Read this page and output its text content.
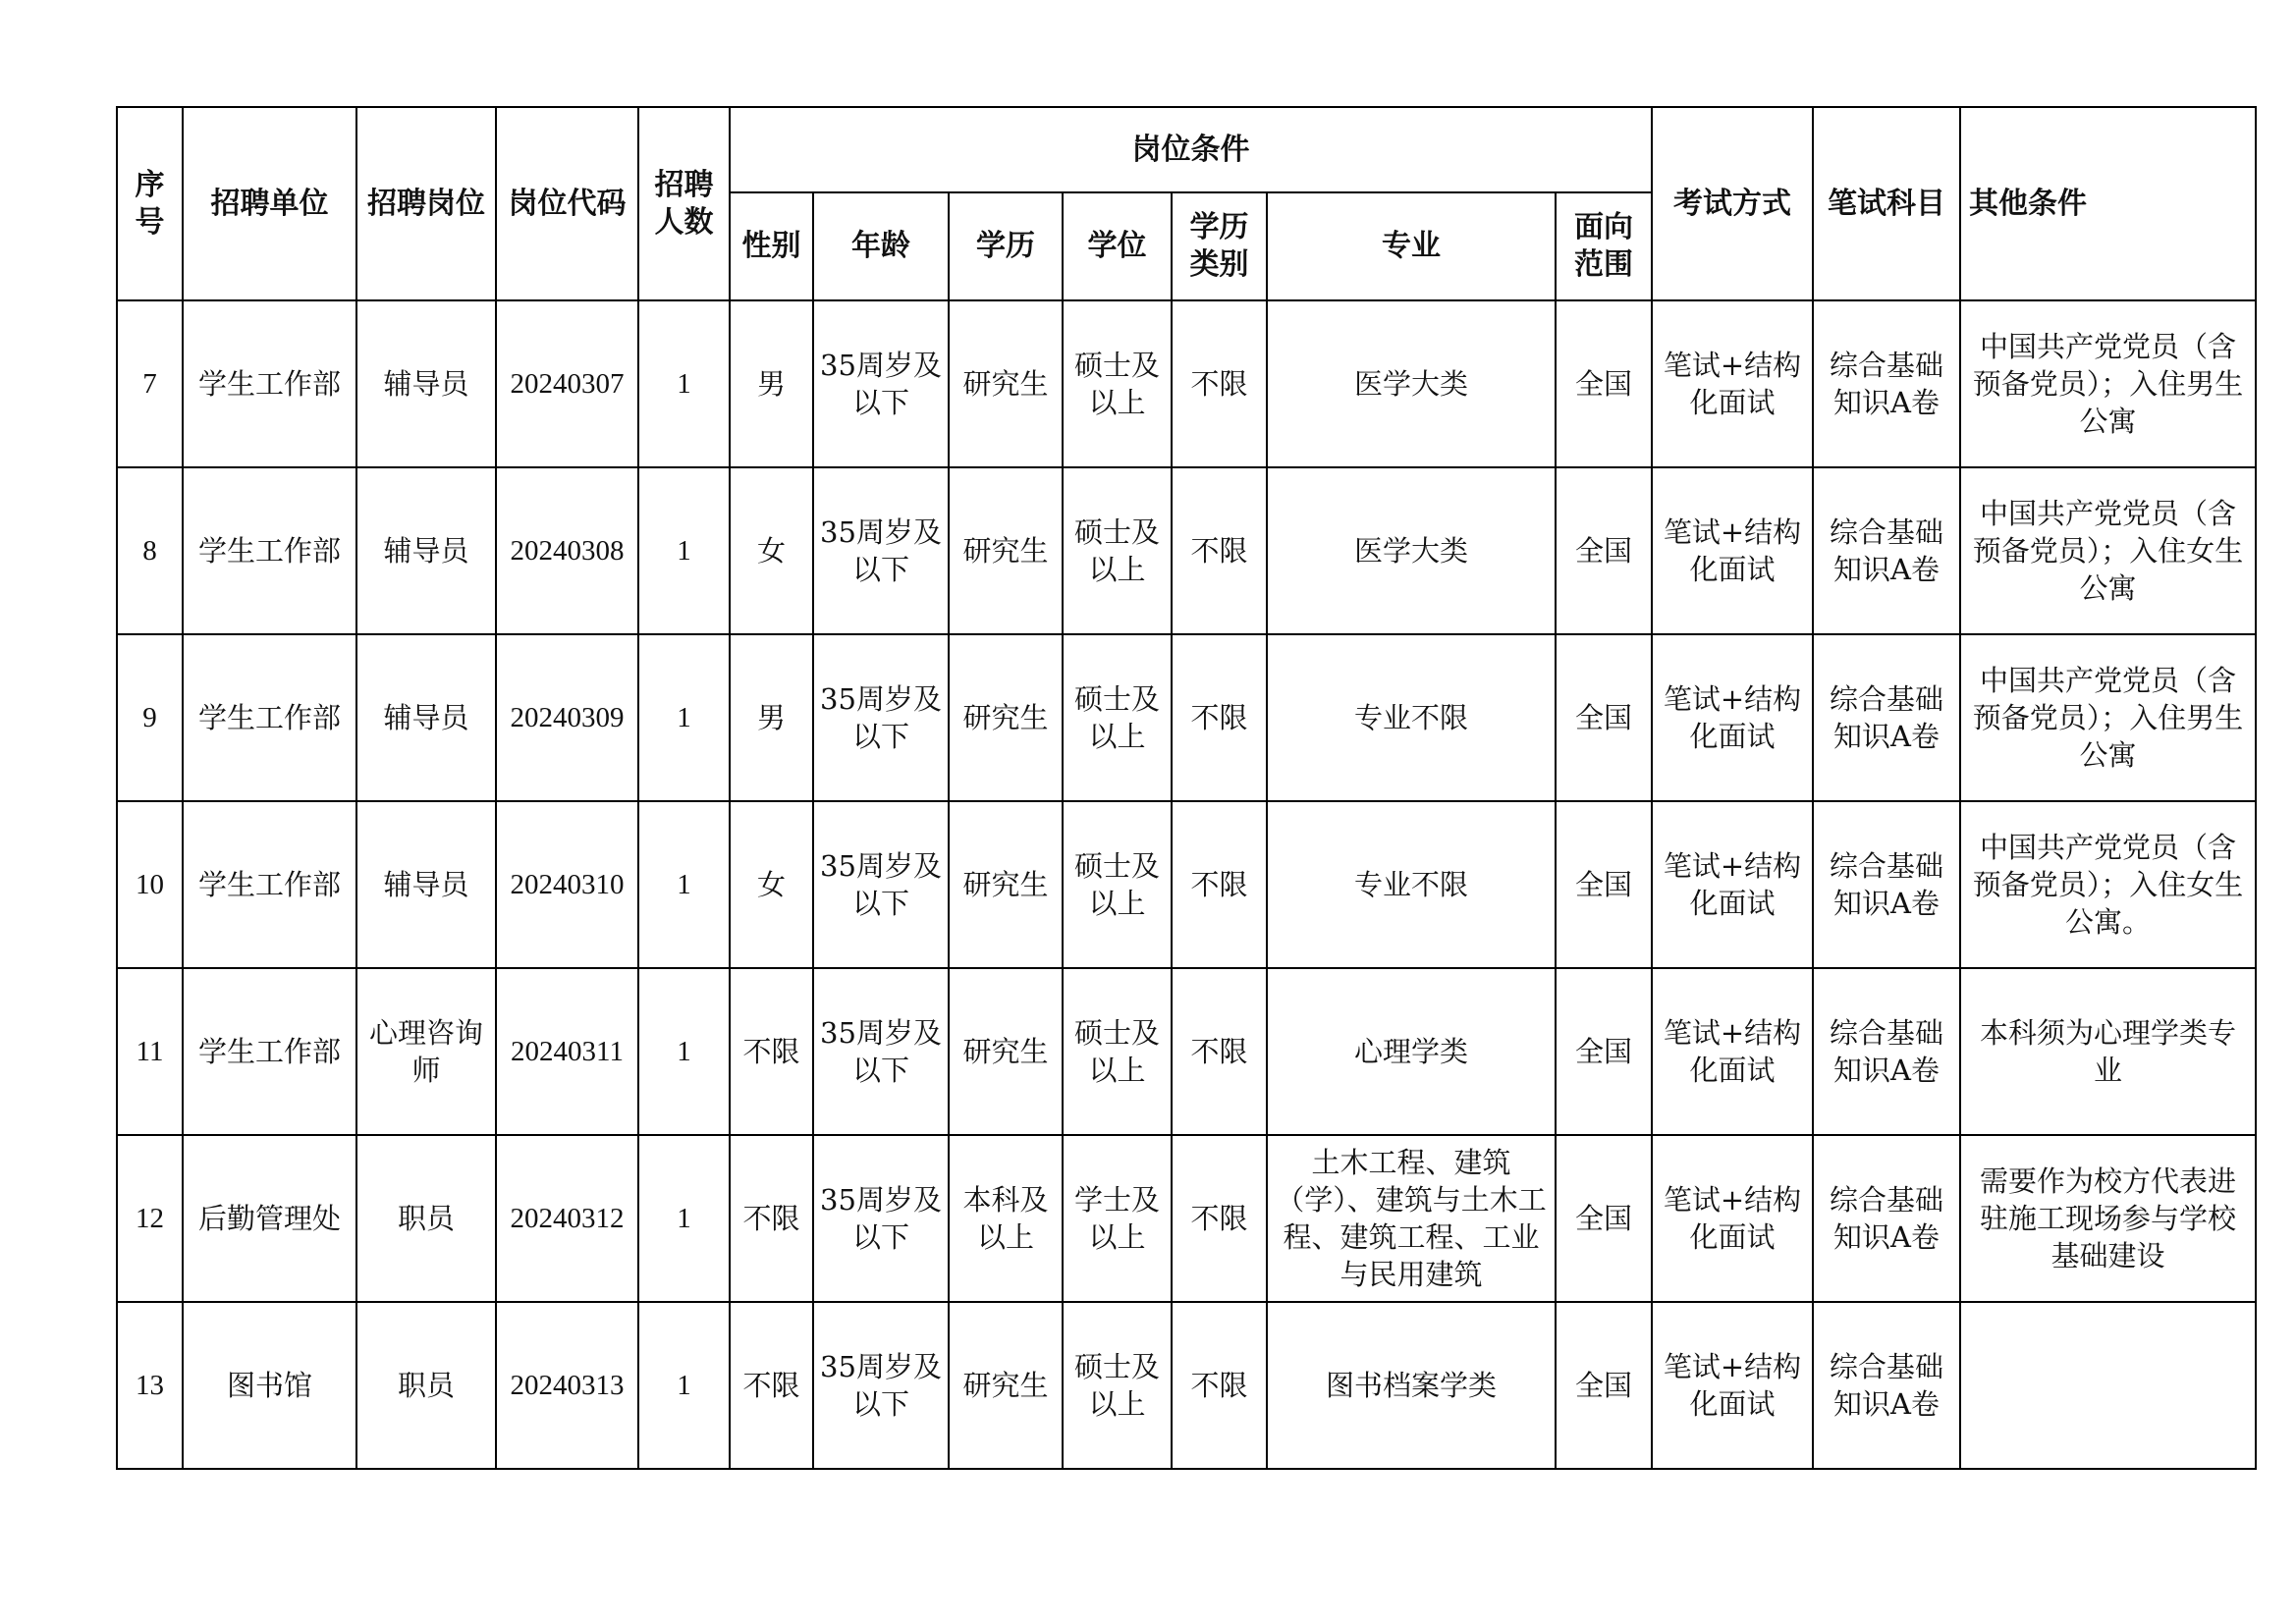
序号	招聘单位	招聘岗位	岗位代码	招聘人数	岗位条件							考试方式	笔试科目	其他条件
					性别	年龄	学历	学位	学历类别	专业	面向范围			
7	学生工作部	辅导员	20240307	1	男	35周岁及以下	研究生	硕士及以上	不限	医学大类	全国	笔试+结构化面试	综合基础知识A卷	中国共产党党员（含预备党员）；入住男生公寓
8	学生工作部	辅导员	20240308	1	女	35周岁及以下	研究生	硕士及以上	不限	医学大类	全国	笔试+结构化面试	综合基础知识A卷	中国共产党党员（含预备党员）；入住女生公寓
9	学生工作部	辅导员	20240309	1	男	35周岁及以下	研究生	硕士及以上	不限	专业不限	全国	笔试+结构化面试	综合基础知识A卷	中国共产党党员（含预备党员）；入住男生公寓
10	学生工作部	辅导员	20240310	1	女	35周岁及以下	研究生	硕士及以上	不限	专业不限	全国	笔试+结构化面试	综合基础知识A卷	中国共产党党员（含预备党员）；入住女生公寓。
11	学生工作部	心理咨询师	20240311	1	不限	35周岁及以下	研究生	硕士及以上	不限	心理学类	全国	笔试+结构化面试	综合基础知识A卷	本科须为心理学类专业
12	后勤管理处	职员	20240312	1	不限	35周岁及以下	本科及以上	学士及以上	不限	土木工程、建筑（学）、建筑与土木工程、建筑工程、工业与民用建筑	全国	笔试+结构化面试	综合基础知识A卷	需要作为校方代表进驻施工现场参与学校基础建设
13	图书馆	职员	20240313	1	不限	35周岁及以下	研究生	硕士及以上	不限	图书档案学类	全国	笔试+结构化面试	综合基础知识A卷	
